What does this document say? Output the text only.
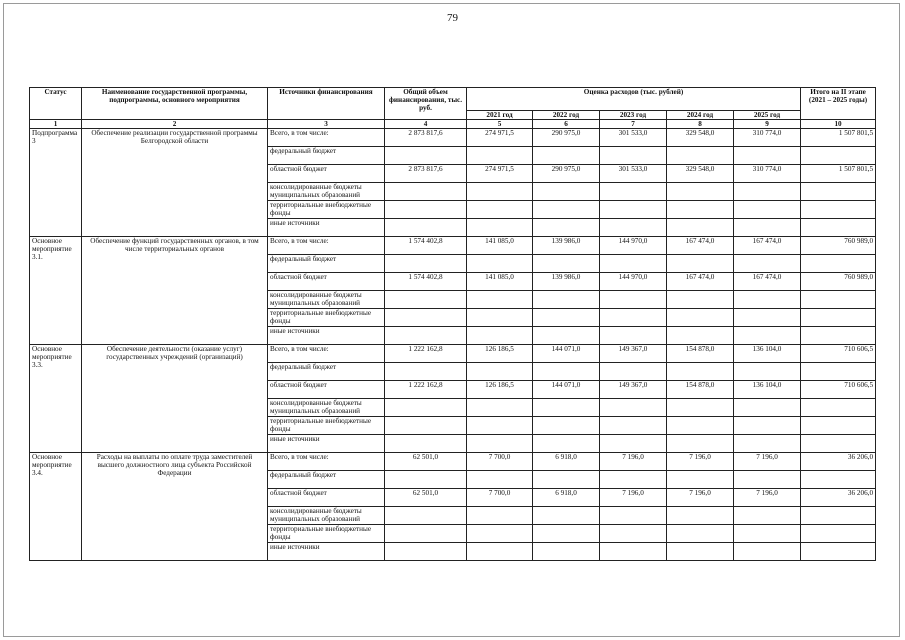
79
Статус	Наименование государственной программы, подпрограммы, основного мероприятия	Источники финансирования	Общий объем финансирования, тыс. руб.	Оценка расходов (тыс. рублей)					Итого на II этапе (2021 – 2025 годы)
				2021 год	2022 год	2023 год	2024 год	2025 год	
1	2	3	4	5	6	7	8	9	10
Подпрограмма 3	Обеспечение реализации государственной программы Белгородской области	Всего, в том числе:	2 873 817,6	274 971,5	290 975,0	301 533,0	329 548,0	310 774,0	1 507 801,5
		федеральный бюджет							
		областной бюджет	2 873 817,6	274 971,5	290 975,0	301 533,0	329 548,0	310 774,0	1 507 801,5
		консолидированные бюджеты муниципальных образований							
		территориальные внебюджетные фонды							
		иные источники							
Основное мероприятие 3.1.	Обеспечение функций государственных органов, в том числе территориальных органов	Всего, в том числе:	1 574 402,8	141 085,0	139 986,0	144 970,0	167 474,0	167 474,0	760 989,0
		федеральный бюджет							
		областной бюджет	1 574 402,8	141 085,0	139 986,0	144 970,0	167 474,0	167 474,0	760 989,0
		консолидированные бюджеты муниципальных образований							
		территориальные внебюджетные фонды							
		иные источники							
Основное мероприятие 3.3.	Обеспечение деятельности (оказание услуг) государственных учреждений (организаций)	Всего, в том числе:	1 222 162,8	126 186,5	144 071,0	149 367,0	154 878,0	136 104,0	710 606,5
		федеральный бюджет							
		областной бюджет	1 222 162,8	126 186,5	144 071,0	149 367,0	154 878,0	136 104,0	710 606,5
		консолидированные бюджеты муниципальных образований							
		территориальные внебюджетные фонды							
		иные источники							
Основное мероприятие 3.4.	Расходы на выплаты по оплате труда заместителей высшего должностного лица субъекта Российской Федерации	Всего, в том числе:	62 501,0	7 700,0	6 918,0	7 196,0	7 196,0	7 196,0	36 206,0
		федеральный бюджет							
		областной бюджет	62 501,0	7 700,0	6 918,0	7 196,0	7 196,0	7 196,0	36 206,0
		консолидированные бюджеты муниципальных образований							
		территориальные внебюджетные фонды							
		иные источники							
